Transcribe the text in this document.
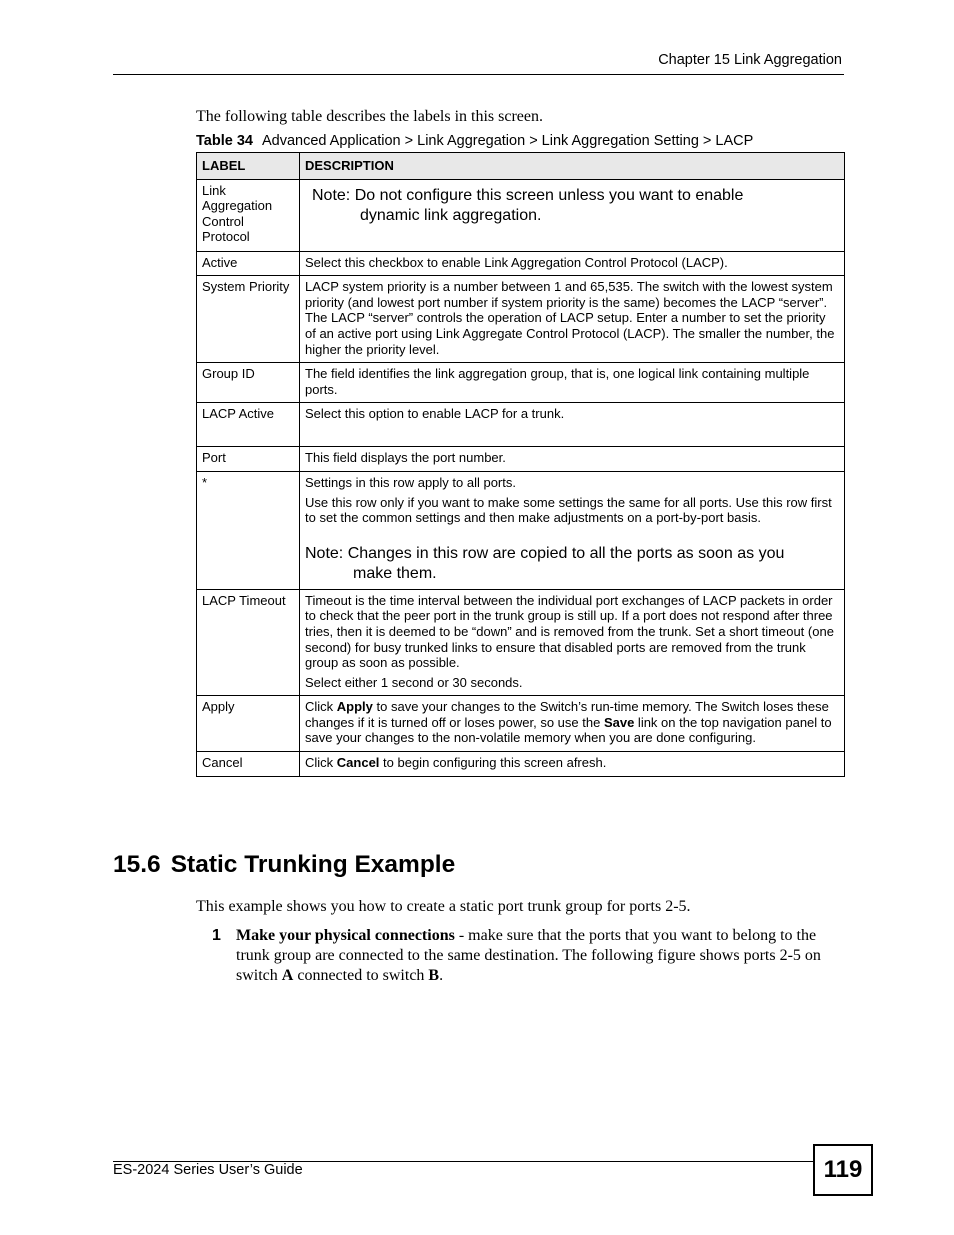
Chapter 15 Link Aggregation
The following table describes the labels in this screen.
Table 34 Advanced Application > Link Aggregation > Link Aggregation Setting > LACP
LABEL	DESCRIPTION
Link Aggregation Control Protocol	Note: Do not configure this screen unless you want to enable
dynamic link aggregation.

Active	Select this checkbox to enable Link Aggregation Control Protocol (LACP).
System Priority	LACP system priority is a number between 1 and 65,535. The switch with the lowest system priority (and lowest port number if system priority is the same) becomes the LACP “server”. The LACP “server” controls the operation of LACP setup. Enter a number to set the priority of an active port using Link Aggregate Control Protocol (LACP). The smaller the number, the higher the priority level.
Group ID	The field identifies the link aggregation group, that is, one logical link containing multiple ports.
LACP Active	Select this option to enable LACP for a trunk.
Port	This field displays the port number.
*	Settings in this row apply to all ports.
Use this row only if you want to make some settings the same for all ports. Use this row first to set the common settings and then make adjustments on a port-by-port basis.
Note: Changes in this row are copied to all the ports as soon as you
make them.

LACP Timeout	Timeout is the time interval between the individual port exchanges of LACP packets in order to check that the peer port in the trunk group is still up. If a port does not respond after three tries, then it is deemed to be “down” and is removed from the trunk. Set a short timeout (one second) for busy trunked links to ensure that disabled ports are removed from the trunk group as soon as possible.
Select either 1 second or 30 seconds.

Apply	Click Apply to save your changes to the Switch’s run-time memory. The Switch loses these changes if it is turned off or loses power, so use the Save link on the top navigation panel to save your changes to the non-volatile memory when you are done configuring.
Cancel	Click Cancel to begin configuring this screen afresh.
15.6 Static Trunking Example
This example shows you how to create a static port trunk group for ports 2-5.
1 Make your physical connections - make sure that the ports that you want to belong to the trunk group are connected to the same destination. The following figure shows ports 2-5 on switch A connected to switch B.
ES-2024 Series User’s Guide	119
